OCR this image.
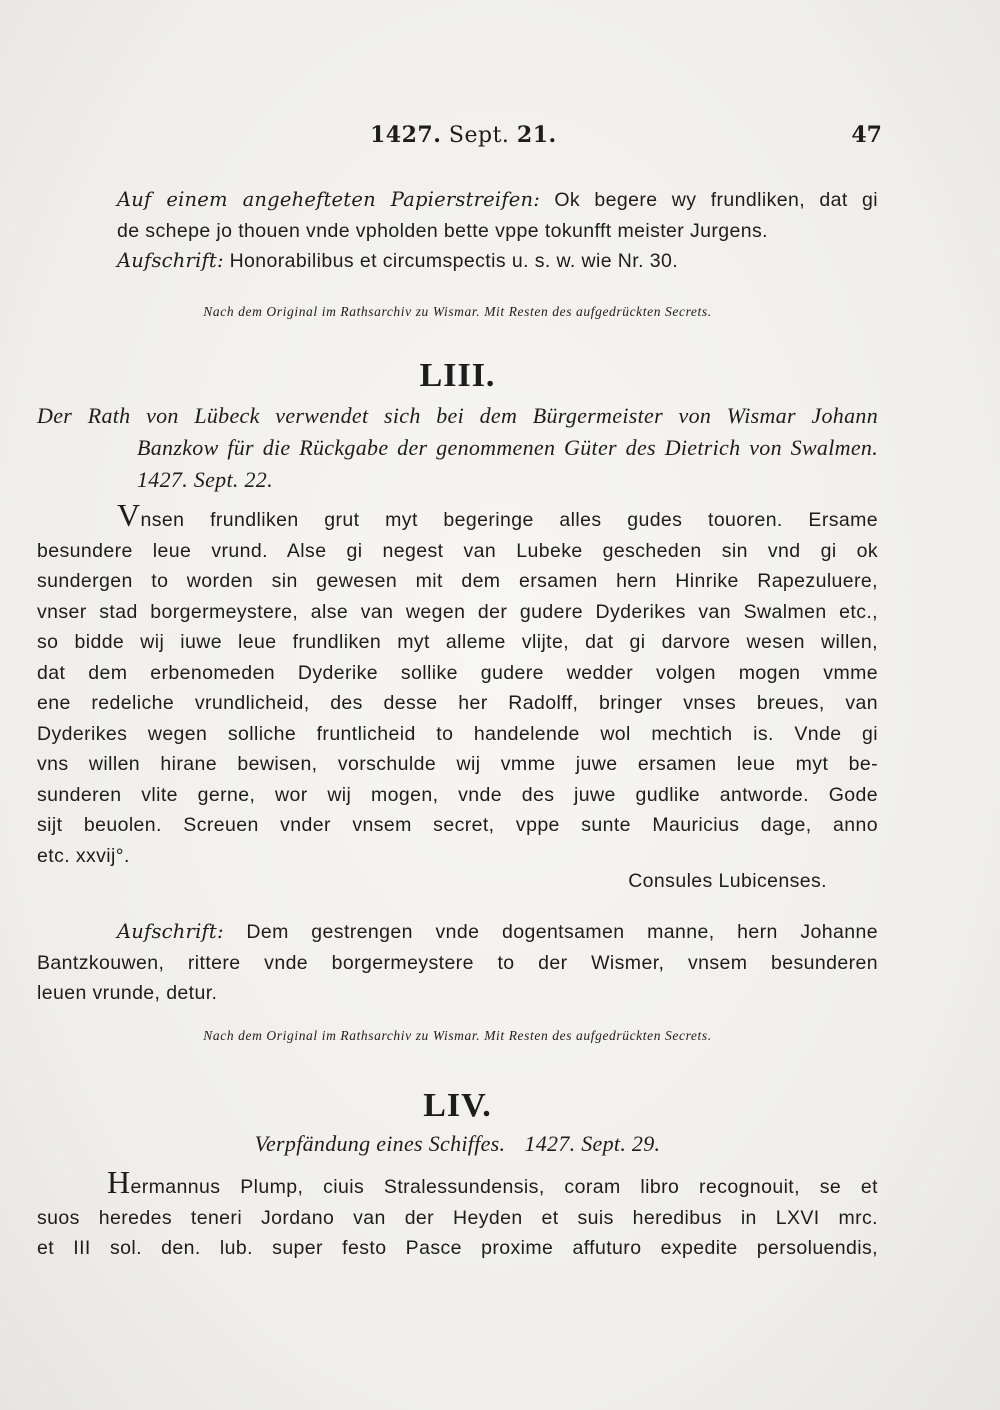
1427. Sept. 21.	47

Auf einem angehefteten Papierstreifen: Ok begere wy frundliken, dat gi
de schepe jo thouen vnde vpholden bette vppe tokunfft meister Jurgens.

Aufschrift: Honorabilibus et circumspectis u. s. w. wie Nr. 30.

Nach dem Original im Rathsarchiv zu Wismar. Mit Resten des aufgedrückten Secrets.
LIII.
Der Rath von Lübeck verwendet sich bei dem Bürgermeister von Wismar Johann
Banzkow für die Rückgabe der genommenen Güter des Dietrich von Swalmen.
1427. Sept. 22.

Vnsen frundliken grut myt begeringe alles gudes touoren. Ersame

besundere leue vrund. Alse gi negest van Lubeke gescheden sin vnd gi ok
sundergen to worden sin gewesen mit dem ersamen hern Hinrike Rapezuluere,
vnser stad borgermeystere, alse van wegen der gudere Dyderikes van Swalmen etc.,
so bidde wij iuwe leue frundliken myt alleme vlijte, dat gi darvore wesen willen,
dat dem erbenomeden Dyderike sollike gudere wedder volgen mogen vmme
ene redeliche vrundlicheid, des desse her Radolff, bringer vnses breues, van
Dyderikes wegen solliche fruntlicheid to handelende wol mechtich is. Vnde gi
vns willen hirane bewisen, vorschulde wij vmme juwe ersamen leue myt be-
sunderen vlite gerne, wor wij mogen, vnde des juwe gudlike antworde. Gode
sijt beuolen. Screuen vnder vnsem secret, vppe sunte Mauricius dage, anno
etc. xxvij°.

Consules Lubicenses.

Aufschrift: Dem gestrengen vnde dogentsamen manne, hern Johanne

Bantzkouwen, rittere vnde borgermeystere to der Wismer, vnsem besunderen
leuen vrunde, detur.

Nach dem Original im Rathsarchiv zu Wismar. Mit Resten des aufgedrückten Secrets.
LIV.
Verpfändung eines Schiffes. 1427. Sept. 29.

Hermannus Plump, ciuis Stralessundensis, coram libro recognouit, se et

suos heredes teneri Jordano van der Heyden et suis heredibus in LXVI mrc.
et III sol. den. lub. super festo Pasce proxime affuturo expedite persoluendis,
